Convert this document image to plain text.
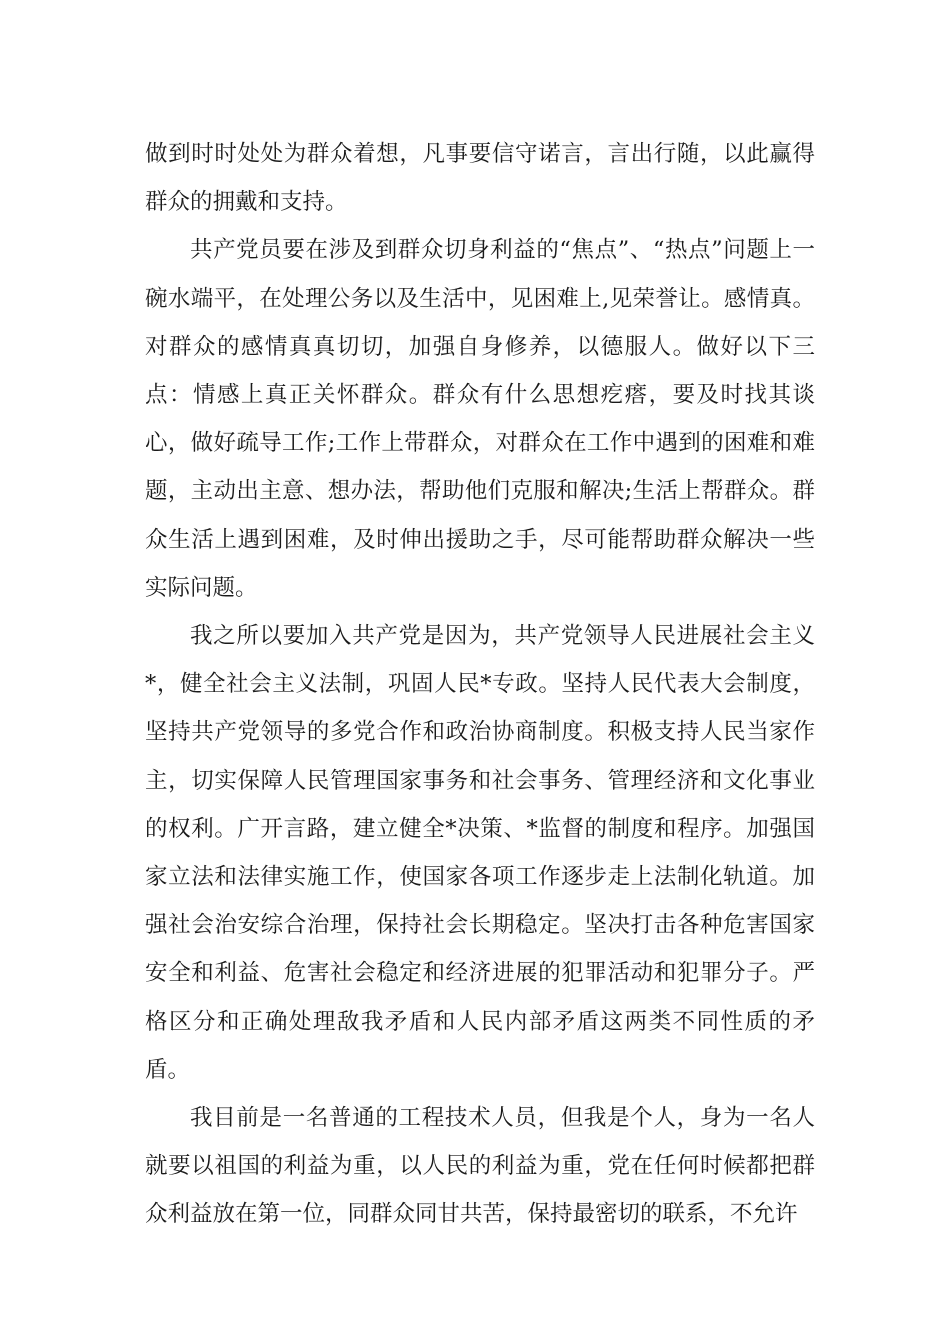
做到时时处处为群众着想，凡事要信守诺言，言出行随，以此赢得群众的拥戴和支持。

共产党员要在涉及到群众切身利益的“焦点”、“热点”问题上一碗水端平，在处理公务以及生活中，见困难上,见荣誉让。感情真。对群众的感情真真切切，加强自身修养，以德服人。做好以下三点：情感上真正关怀群众。群众有什么思想疙瘩，要及时找其谈心，做好疏导工作;工作上带群众，对群众在工作中遇到的困难和难题，主动出主意、想办法，帮助他们克服和解决;生活上帮群众。群众生活上遇到困难，及时伸出援助之手，尽可能帮助群众解决一些实际问题。

我之所以要加入共产党是因为，共产党领导人民进展社会主义*，健全社会主义法制，巩固人民*专政。坚持人民代表大会制度，坚持共产党领导的多党合作和政治协商制度。积极支持人民当家作主，切实保障人民管理国家事务和社会事务、管理经济和文化事业的权利。广开言路，建立健全*决策、*监督的制度和程序。加强国家立法和法律实施工作，使国家各项工作逐步走上法制化轨道。加强社会治安综合治理，保持社会长期稳定。坚决打击各种危害国家安全和利益、危害社会稳定和经济进展的犯罪活动和犯罪分子。严格区分和正确处理敌我矛盾和人民内部矛盾这两类不同性质的矛盾。

我目前是一名普通的工程技术人员，但我是个人，身为一名人就要以祖国的利益为重，以人民的利益为重，党在任何时候都把群众利益放在第一位，同群众同甘共苦，保持最密切的联系，不允许
